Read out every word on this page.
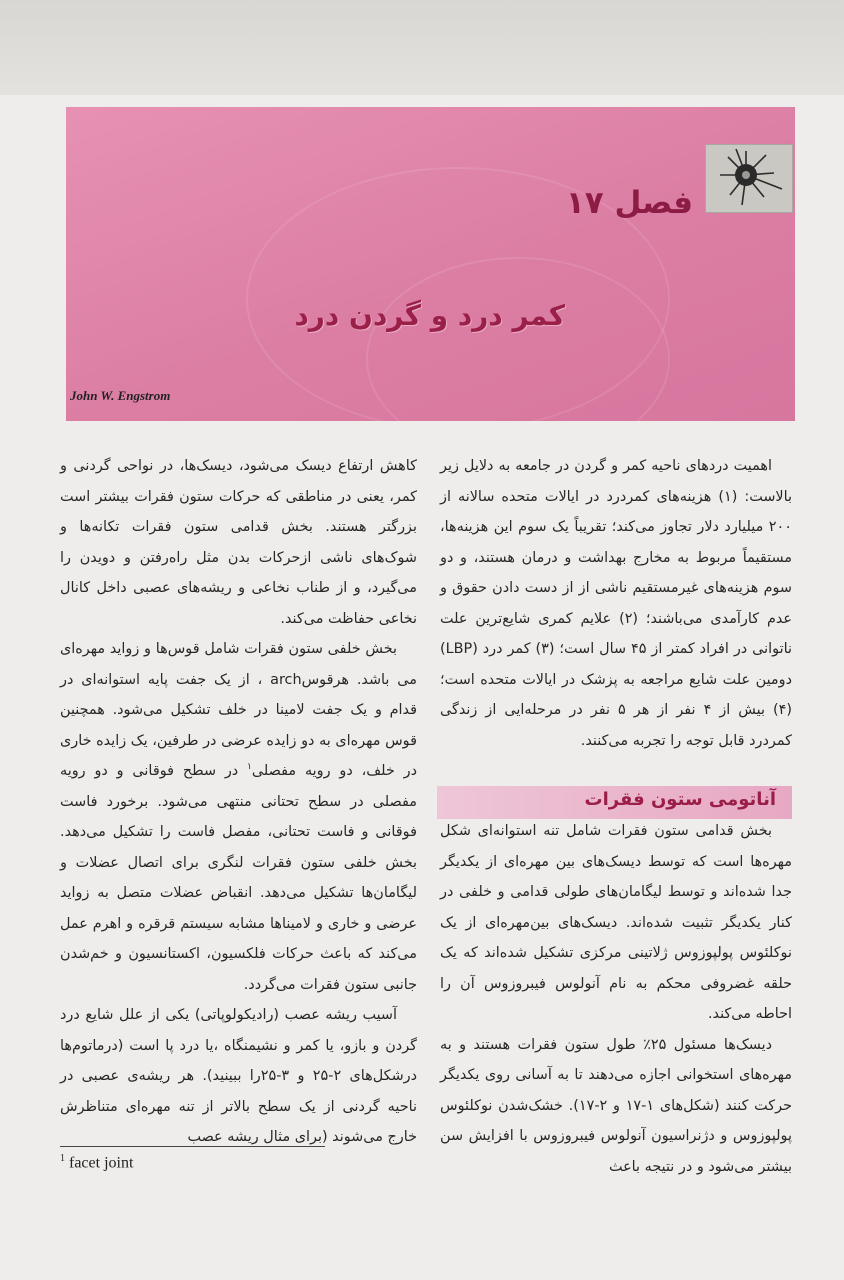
فصل ۱۷
کمر درد و گردن درد
John W. Engstrom

اهمیت دردهای ناحیه کمر و گردن در جامعه به دلایل زیر بالاست: (۱) هزینه‌های کمردرد در ایالات متحده سالانه از ۲۰۰ میلیارد دلار تجاوز می‌کند؛ تقریباً یک سوم این هزینه‌ها، مستقیماً مربوط به مخارج بهداشت و درمان هستند، و دو سوم هزینه‌های غیرمستقیم ناشی از از دست دادن حقوق و عدم کارآمدی می‌باشند؛ (۲) علایم کمری شایع‌ترین علت ناتوانی در افراد کمتر از ۴۵ سال است؛ (۳) کمر درد (LBP) دومین علت شایع مراجعه به پزشک در ایالات متحده است؛ (۴) بیش از ۴ نفر از هر ۵ نفر در مرحله‌ایی از زندگی کمردرد قابل توجه را تجربه می‌کنند.

آناتومی ستون فقرات

بخش قدامی ستون فقرات شامل تنه استوانه‌ای شکل مهره‌ها است که توسط دیسک‌های بین مهره‌ای از یکدیگر جدا شده‌اند و توسط لیگامان‌های طولی قدامی و خلفی در کنار یکدیگر تثبیت شده‌اند. دیسک‌های بین‌مهره‌ای از یک نوکلئوس پولپوزوس ژلاتینی مرکزی تشکیل شده‌اند که یک حلقه غضروفی محکم به نام آنولوس فیبروزوس آن را احاطه می‌کند.

دیسک‌ها مسئول ۲۵٪ طول ستون فقرات هستند و به مهره‌های استخوانی اجازه می‌دهند تا به آسانی روی یکدیگر حرکت کنند (شکل‌های ۱-۱۷ و ۲-۱۷). خشک‌شدن نوکلئوس پولپوزوس و دژنراسیون آنولوس فیبروزوس با افزایش سن بیشتر می‌شود و در نتیجه باعث

کاهش ارتفاع دیسک می‌شود، دیسک‌ها، در نواحی گردنی و کمر، یعنی در مناطقی که حرکات ستون فقرات بیشتر است بزرگتر هستند. بخش قدامی ستون فقرات تکانه‌ها و شوک‌های ناشی ازحرکات بدن مثل راه‌رفتن و دویدن را می‌گیرد، و از طناب نخاعی و ریشه‌های عصبی داخل کانال نخاعی حفاظت می‌کند.

بخش خلفی ستون فقرات شامل قوس‌ها و زواید مهره‌ای می باشد. هرقوسarch ، از یک جفت پایه استوانه‌ای در قدام و یک جفت لامینا در خلف تشکیل می‌شود. همچنین قوس مهره‌ای به دو زایده عرضی در طرفین، یک زایده خاری در خلف، دو رویه مفصلی$^۱$ در سطح فوقانی و دو رویه مفصلی در سطح تحتانی منتهی می‌شود. برخورد فاست فوقانی و فاست تحتانی، مفصل فاست را تشکیل می‌دهد. بخش خلفی ستون فقرات لنگری برای اتصال عضلات و لیگامان‌ها تشکیل می‌دهد. انقباض عضلات متصل به زواید عرضی و خاری و لامیناها مشابه سیستم قرقره و اهرم عمل می‌کند که باعث حرکات فلکسیون، اکستانسیون و خم‌شدن جانبی ستون فقرات می‌گردد.

آسیب ریشه عصب (رادیکولوپاتی) یکی از علل شایع درد گردن و بازو، یا کمر و نشیمنگاه ،یا درد پا است (درماتوم‌ها درشکل‌های ۲-۲۵ و ۳-۲۵را ببینید). هر ریشه‌ی عصبی در ناحیه گردنی از یک سطح بالاتر از تنه مهره‌ای متناظرش خارج می‌شوند (برای مثال ریشه عصب

$^1$ facet joint
